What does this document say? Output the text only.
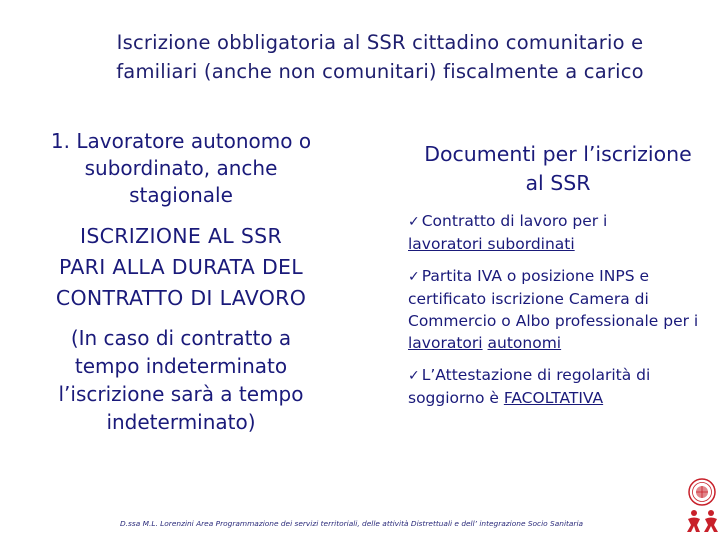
Iscrizione obbligatoria al SSR cittadino comunitario e
familiari (anche non comunitari) fiscalmente a carico
1. Lavoratore autonomo o
subordinato, anche
stagionale
ISCRIZIONE AL SSR
PARI ALLA DURATA DEL
CONTRATTO DI LAVORO
(In caso di contratto a
tempo indeterminato
l’iscrizione sarà a tempo
indeterminato)
Documenti per l’iscrizione
al SSR
✓ Contratto di lavoro per i
lavoratori subordinati
✓ Partita IVA o posizione INPS e certificato iscrizione Camera di Commercio o Albo professionale per i lavoratori autonomi
✓ L’Attestazione di regolarità di soggiorno è FACOLTATIVA
D.ssa M.L. Lorenzini Area Programmazione dei servizi territoriali, delle attività Distrettuali e dell’ integrazione Socio Sanitaria
